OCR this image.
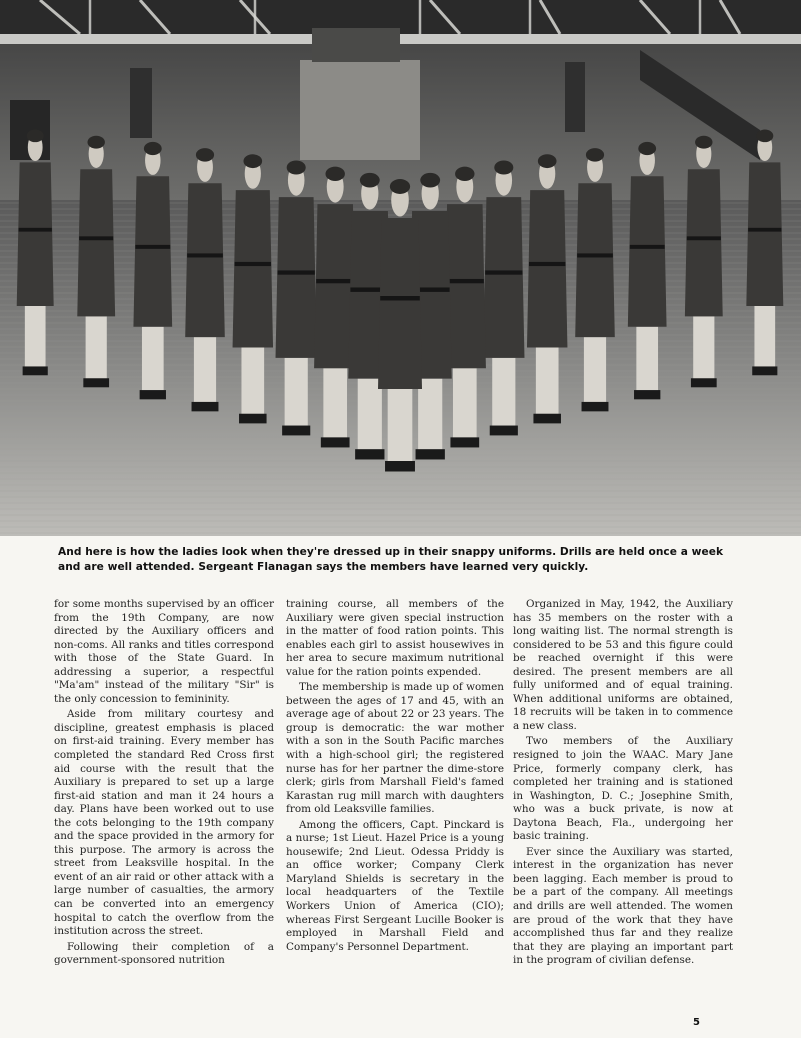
And here is how the ladies look when they're dressed up in their snappy uniforms. Drills are held once a week and are well attended. Sergeant Flanagan says the members have learned very quickly.

for some months supervised by an officer from the 19th Company, are now directed by the Auxiliary officers and non-coms. All ranks and titles correspond with those of the State Guard. In addressing a superior, a respectful "Ma'am" instead of the military "Sir" is the only concession to femininity.

Aside from military courtesy and discipline, greatest emphasis is placed on first-aid training. Every member has completed the standard Red Cross first aid course with the result that the Auxiliary is prepared to set up a large first-aid station and man it 24 hours a day. Plans have been worked out to use the cots belonging to the 19th company and the space provided in the armory for this purpose. The armory is across the street from Leaksville hospital. In the event of an air raid or other attack with a large number of casualties, the armory can be converted into an emergency hospital to catch the overflow from the institution across the street.

Following their completion of a government-sponsored nutrition

training course, all members of the Auxiliary were given special instruction in the matter of food ration points. This enables each girl to assist housewives in her area to secure maximum nutritional value for the ration points expended.

The membership is made up of women between the ages of 17 and 45, with an average age of about 22 or 23 years. The group is democratic: the war mother with a son in the South Pacific marches with a high-school girl; the registered nurse has for her partner the dime-store clerk; girls from Marshall Field's famed Karastan rug mill march with daughters from old Leaksville families.

Among the officers, Capt. Pinckard is a nurse; 1st Lieut. Hazel Price is a young housewife; 2nd Lieut. Odessa Priddy is an office worker; Company Clerk Maryland Shields is secretary in the local headquarters of the Textile Workers Union of America (CIO); whereas First Sergeant Lucille Booker is employed in Marshall Field and Company's Personnel Department.

Organized in May, 1942, the Auxiliary has 35 members on the roster with a long waiting list. The normal strength is considered to be 53 and this figure could be reached overnight if this were desired. The present members are all fully uniformed and of equal training. When additional uniforms are obtained, 18 recruits will be taken in to commence a new class.

Two members of the Auxiliary resigned to join the WAAC. Mary Jane Price, formerly company clerk, has completed her training and is stationed in Washington, D. C.; Josephine Smith, who was a buck private, is now at Daytona Beach, Fla., undergoing her basic training.

Ever since the Auxiliary was started, interest in the organization has never been lagging. Each member is proud to be a part of the company. All meetings and drills are well attended. The women are proud of the work that they have accomplished thus far and they realize that they are playing an important part in the program of civilian defense.

5
